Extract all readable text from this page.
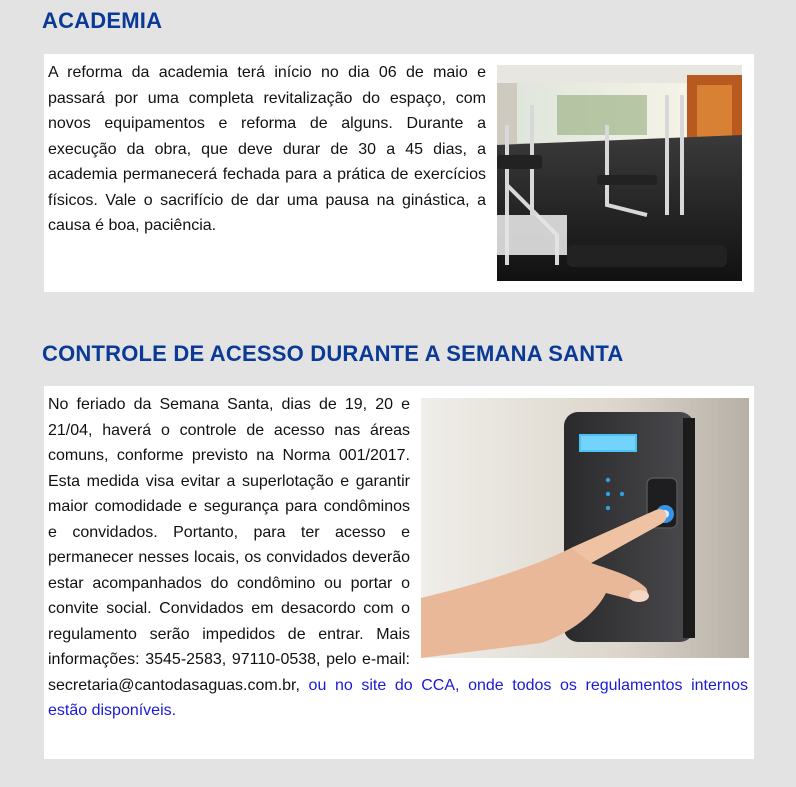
ACADEMIA

A reforma da academia terá início no dia 06 de maio e passará por uma completa revitalização do espaço, com novos equipamentos e reforma de alguns. Durante a execução da obra, que deve durar de 30 a 45 dias, a academia permanecerá fechada para a prática de exercícios físicos. Vale o sacrifício de dar uma pausa na ginástica, a causa é boa, paciência.

CONTROLE DE ACESSO DURANTE A SEMANA SANTA

No feriado da Semana Santa, dias de 19, 20 e 21/04, haverá o controle de acesso nas áreas comuns, conforme previsto na Norma 001/2017. Esta medida visa evitar a superlotação e garantir maior comodidade e segurança para condôminos e convidados. Portanto, para ter acesso e permanecer nesses locais, os convidados deverão estar acompanhados do condômino ou portar o convite social. Convidados em desacordo com o regulamento serão impedidos de entrar. Mais informações: 3545-2583, 97110-0538, pelo e-mail: secretaria@cantodasaguas.com.br, ou no site do CCA, onde todos os regulamentos internos estão disponíveis.
